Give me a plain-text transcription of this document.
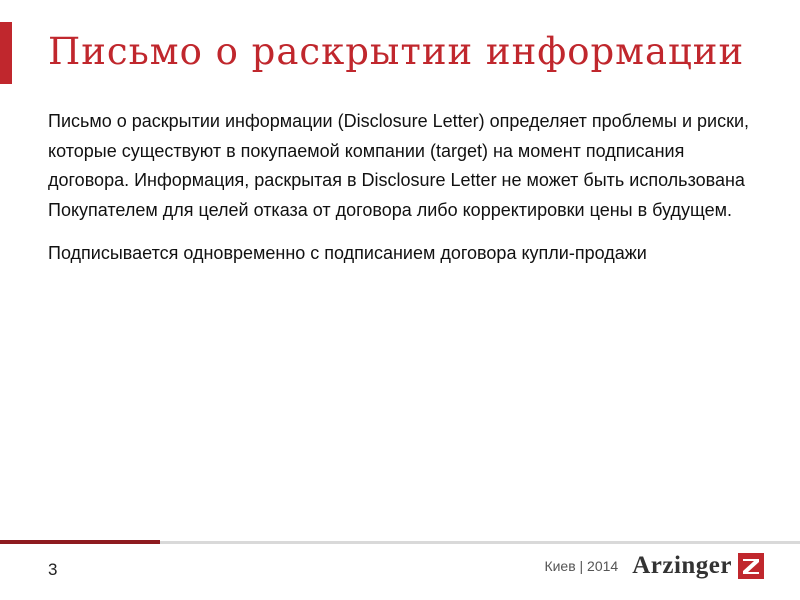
Письмо о раскрытии информации

Письмо о раскрытии информации (Disclosure Letter) определяет проблемы и риски, которые существуют в покупаемой компании (target) на момент подписания договора. Информация, раскрытая в Disclosure Letter не может быть использована Покупателем для целей отказа от договора либо корректировки цены в будущем.

Подписывается одновременно с подписанием договора купли-продажи

3	Киев | 2014 Arzinger
